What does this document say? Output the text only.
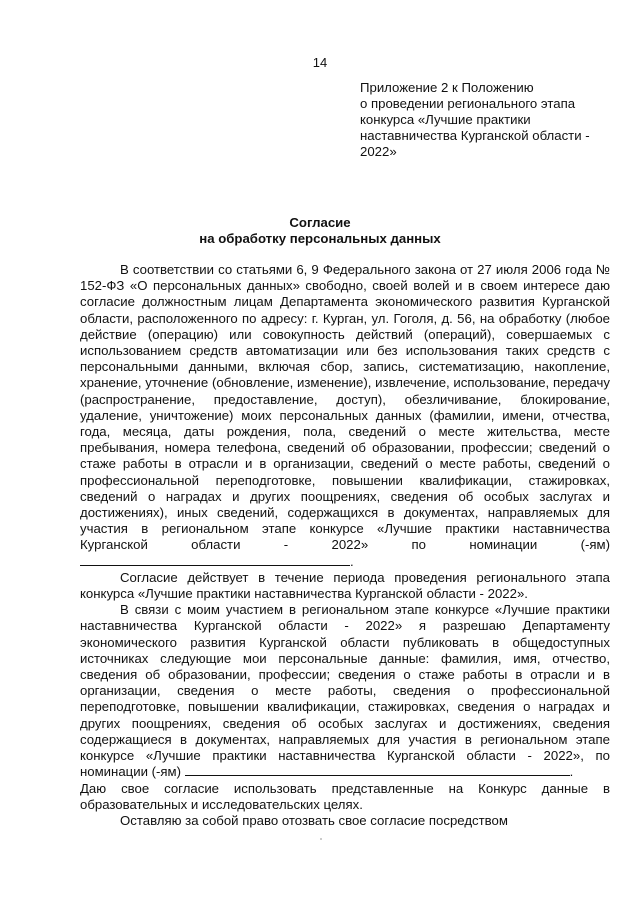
14
Приложение 2 к Положению
о проведении регионального этапа
конкурса «Лучшие практики
наставничества Курганской области -
2022»
Согласие
на обработку персональных данных

В соответствии со статьями 6, 9 Федерального закона от 27 июля 2006 года № 152-ФЗ «О персональных данных» свободно, своей волей и в своем интересе даю согласие должностным лицам Департамента экономического развития Курганской области, расположенного по адресу: г. Курган, ул. Гоголя, д. 56, на обработку (любое действие (операцию) или совокупность действий (операций), совершаемых с использованием средств автоматизации или без использования таких средств с персональными данными, включая сбор, запись, систематизацию, накопление, хранение, уточнение (обновление, изменение), извлечение, использование, передачу (распространение, предоставление, доступ), обезличивание, блокирование, удаление, уничтожение) моих персональных данных (фамилии, имени, отчества, года, месяца, даты рождения, пола, сведений о месте жительства, месте пребывания, номера телефона, сведений об образовании, профессии; сведений о стаже работы в отрасли и в организации, сведений о месте работы, сведений о профессиональной переподготовке, повышении квалификации, стажировках, сведений о наградах и других поощрениях, сведения об особых заслугах и достижениях), иных сведений, содержащихся в документах, направляемых для участия в региональном этапе конкурсе «Лучшие практики наставничества Курганской области - 2022» по номинации (-ям) .

Согласие действует в течение периода проведения регионального этапа конкурса «Лучшие практики наставничества Курганской области - 2022».

В связи с моим участием в региональном этапе конкурсе «Лучшие практики наставничества Курганской области - 2022» я разрешаю Департаменту экономического развития Курганской области публиковать в общедоступных источниках следующие мои персональные данные: фамилия, имя, отчество, сведения об образовании, профессии; сведения о стаже работы в отрасли и в организации, сведения о месте работы, сведения о профессиональной переподготовке, повышении квалификации, стажировках, сведения о наградах и других поощрениях, сведения об особых заслугах и достижениях, сведения содержащиеся в документах, направляемых для участия в региональном этапе конкурсе «Лучшие практики наставничества Курганской области - 2022», по номинации (-ям)	.

Даю свое согласие использовать представленные на Конкурс данные в образовательных и исследовательских целях.

Оставляю за собой право отозвать свое согласие посредством
